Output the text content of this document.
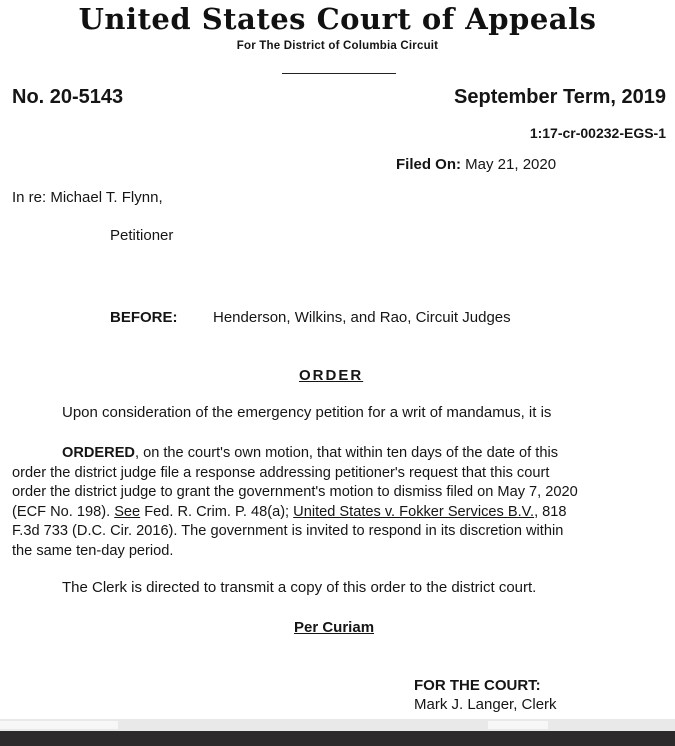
United States Court of Appeals
For The District of Columbia Circuit
No. 20-5143	September Term, 2019
1:17-cr-00232-EGS-1
Filed On: May 21, 2020
In re: Michael T. Flynn,
Petitioner
BEFORE: Henderson, Wilkins, and Rao, Circuit Judges
ORDER
Upon consideration of the emergency petition for a writ of mandamus, it is
ORDERED, on the court's own motion, that within ten days of the date of this
order the district judge file a response addressing petitioner's request that this court
order the district judge to grant the government's motion to dismiss filed on May 7, 2020
(ECF No. 198). See Fed. R. Crim. P. 48(a); United States v. Fokker Services B.V., 818
F.3d 733 (D.C. Cir. 2016). The government is invited to respond in its discretion within
the same ten-day period.
The Clerk is directed to transmit a copy of this order to the district court.
Per Curiam
FOR THE COURT:
Mark J. Langer, Clerk
